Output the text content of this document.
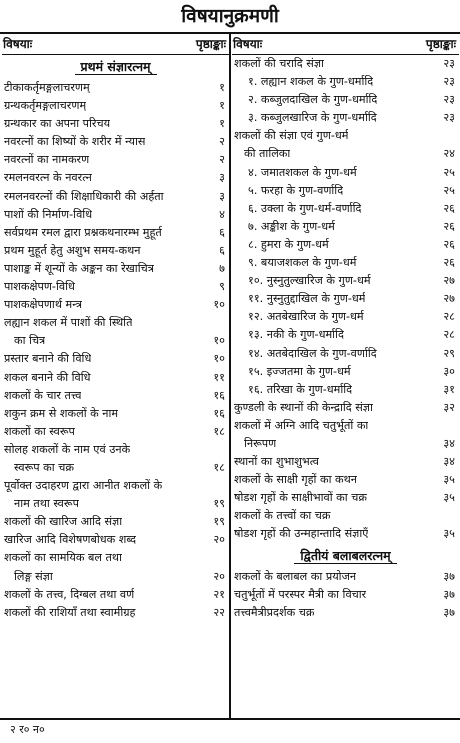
विषयानुक्रमणी
विषयाः	पृष्ठाङ्काः
प्रथमं संज्ञारत्नम्
टीकाकर्तृमङ्गलाचरणम्	१
ग्रन्थकर्तृमङ्गलाचरणम्	१
ग्रन्थकार का अपना परिचय	१
नवरत्नों का शिष्यों के शरीर में न्यास	२
नवरत्नों का नामकरण	२
रमलनवरत्न के नवरत्न	३
रमलनवरत्नों की शिक्षाधिकारी की अर्हता	३
पाशों की निर्माण-विधि	४
सर्वप्रथम रमल द्वारा प्रश्नकथनारम्भ मुहूर्त	६
प्रथम मुहूर्त हेतु अशुभ समय-कथन	६
पाशाङ्क में शून्यों के अङ्कन का रेखाचित्र	७
पाशकक्षेपण-विधि	९
पाशकक्षेपणार्थ मन्त्र	१०
लह्यान शकल में पाशों की स्थिति
का चित्र	१०
प्रस्तार बनाने की विधि	१०
शकल बनाने की विधि	११
शकलों के चार तत्त्व	१६
शकुन क्रम से शकलों के नाम	१६
शकलों का स्वरूप	१८
सोलह शकलों के नाम एवं उनके
स्वरूप का चक्र	१८
पूर्वोक्त उदाहरण द्वारा आनीत शकलों के
नाम तथा स्वरूप	१९
शकलों की खारिज आदि संज्ञा	१९
खारिज आदि विशेषणबोधक शब्द	२०
शकलों का सामयिक बल तथा
लिङ्ग संज्ञा	२०
शकलों के तत्त्व, दिग्बल तथा वर्ण	२१
शकलों की राशियाँ तथा स्वामीग्रह	२२
विषयाः	पृष्ठाङ्काः
शकलों की चरादि संज्ञा	२३
१. लह्यान शकल के गुण-धर्मादि	२३
२. कब्जुलदाखिल के गुण-धर्मादि	२३
३. कब्जुलखारिज के गुण-धर्मादि	२३
शकलों की संज्ञा एवं गुण-धर्म
की तालिका	२४
४. जमातशकल के गुण-धर्म	२५
५. फरहा के गुण-वर्णादि	२५
६. उक्ला के गुण-धर्म-वर्णादि	२६
७. अङ्कीश के गुण-धर्म	२६
८. हुमरा के गुण-धर्म	२६
९. बयाजशकल के गुण-धर्म	२६
१०. नुस्नुतुल्खारिज के गुण-धर्म	२७
११. नुस्नुतुद्दाखिल के गुण-धर्म	२७
१२. अतबेखारिज के गुण-धर्म	२८
१३. नकी के गुण-धर्मादि	२८
१४. अतबेदाखिल के गुण-वर्णादि	२९
१५. इज्जतमा के गुण-धर्म	३०
१६. तरिखा के गुण-धर्मादि	३१
कुण्डली के स्थानों की केन्द्रादि संज्ञा	३२
शकलों में अग्नि आदि चतुर्भूतों का
निरूपण	३४
स्थानों का शुभाशुभत्व	३४
शकलों के साक्षी गृहों का कथन	३५
षोडश गृहों के साक्षीभावों का चक्र	३५
शकलों के तत्त्वों का चक्र
षोडश गृहों की उन्महान्तादि संज्ञाएँ	३५
द्वितीयं बलाबलरत्नम्
शकलों के बलाबल का प्रयोजन	३७
चतुर्भूतों में परस्पर मैत्री का विचार	३७
तत्त्वमैत्रीप्रदर्शक चक्र	३७
२ र० न०
